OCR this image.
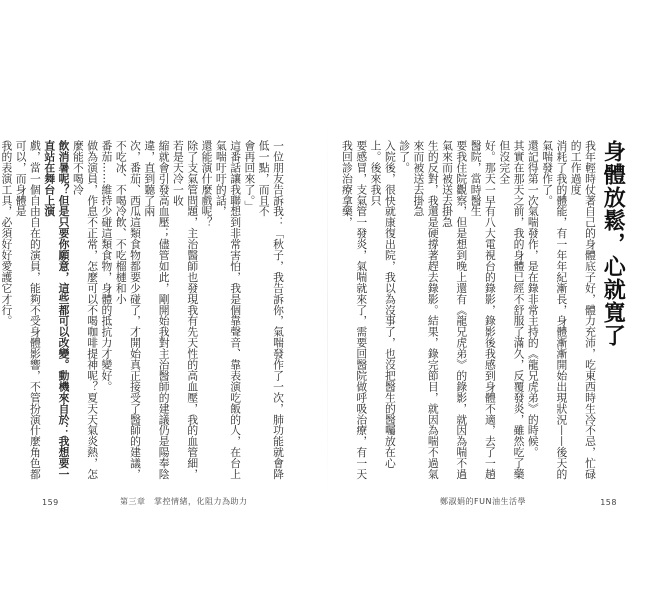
身體放鬆，心就寬了

我年輕時仗著自己的身體底子好，體力充沛，吃東西時生冷不忌，忙碌的工作過度
消耗了我的體能，有一年年紀漸長，身體漸漸開始出現狀況——後天的氣喘發作了。

還記得第一次氣喘發作，是在錄非常主持的《龍兄虎弟》的時候。

其實在那天之前，我的身體已經不舒服了滿久，反覆發炎，雖然吃了藥但沒完全
好。那天一早有八大電視台的錄影，錄影後我感到身體不適，去了一趟醫院，當時醫生
要我住院觀察，但是想到晚上還有《龍兄虎弟》的錄影，就因為喘不過氣來而被送去掛急
生的反對，我還是硬撐著趕去錄影。結果，錄完節目，就因為喘不過氣來而被送去掛急
診了。

入院後，很快就康復出院，我以為沒事了，也沒把醫生的醫囑放在心上。後來我只
要感冒，支氣管一發炎，氣喘就來了，需要回醫院做呼吸治療，有一天我回診治療拿藥，

鄭淑娟的FUN油生活學	158

一位朋友告訴我：「秋子，我告訴你，氣喘發作了一次，肺功能就會降低一點，而且不
會再回來了。」

這番話讓我聯想到非常害怕，我是個靠聲音、靠表演吃飯的人，在台上氣喘吁吁的話，
還能演什麼戲呢？

除了支氣管問題，主治醫師也發現我有先天性的高血壓，我的血管細，若是天冷一收
縮就會引發高血壓；儘管如此，剛開始我對主治醫師的建議仍是陽奉陰違，直到聽了兩
次，番茄、西瓜這類食物都要少碰了，才開始真正接受了醫師的建議，不吃冰、不喝冷飲、不吃榴槤和小
番茄……維持少碰這類食物，身體的抵抗力才變好。

做為演員，作息不正常，怎麼可以不喝咖啡提神呢？夏天天氣炎熱，怎麼能不喝冷
飲消暑呢？但是只要你願意，這些都可以改變。動機來自於：我想要一直站在舞台上演
戲，當一個自由自在的演員，能夠不受身體影響，不管扮演什麼角色都可以，而身體是
我的表演工具，必須好好愛護它才行。

159	第三章　掌控情緒，化阻力為助力
